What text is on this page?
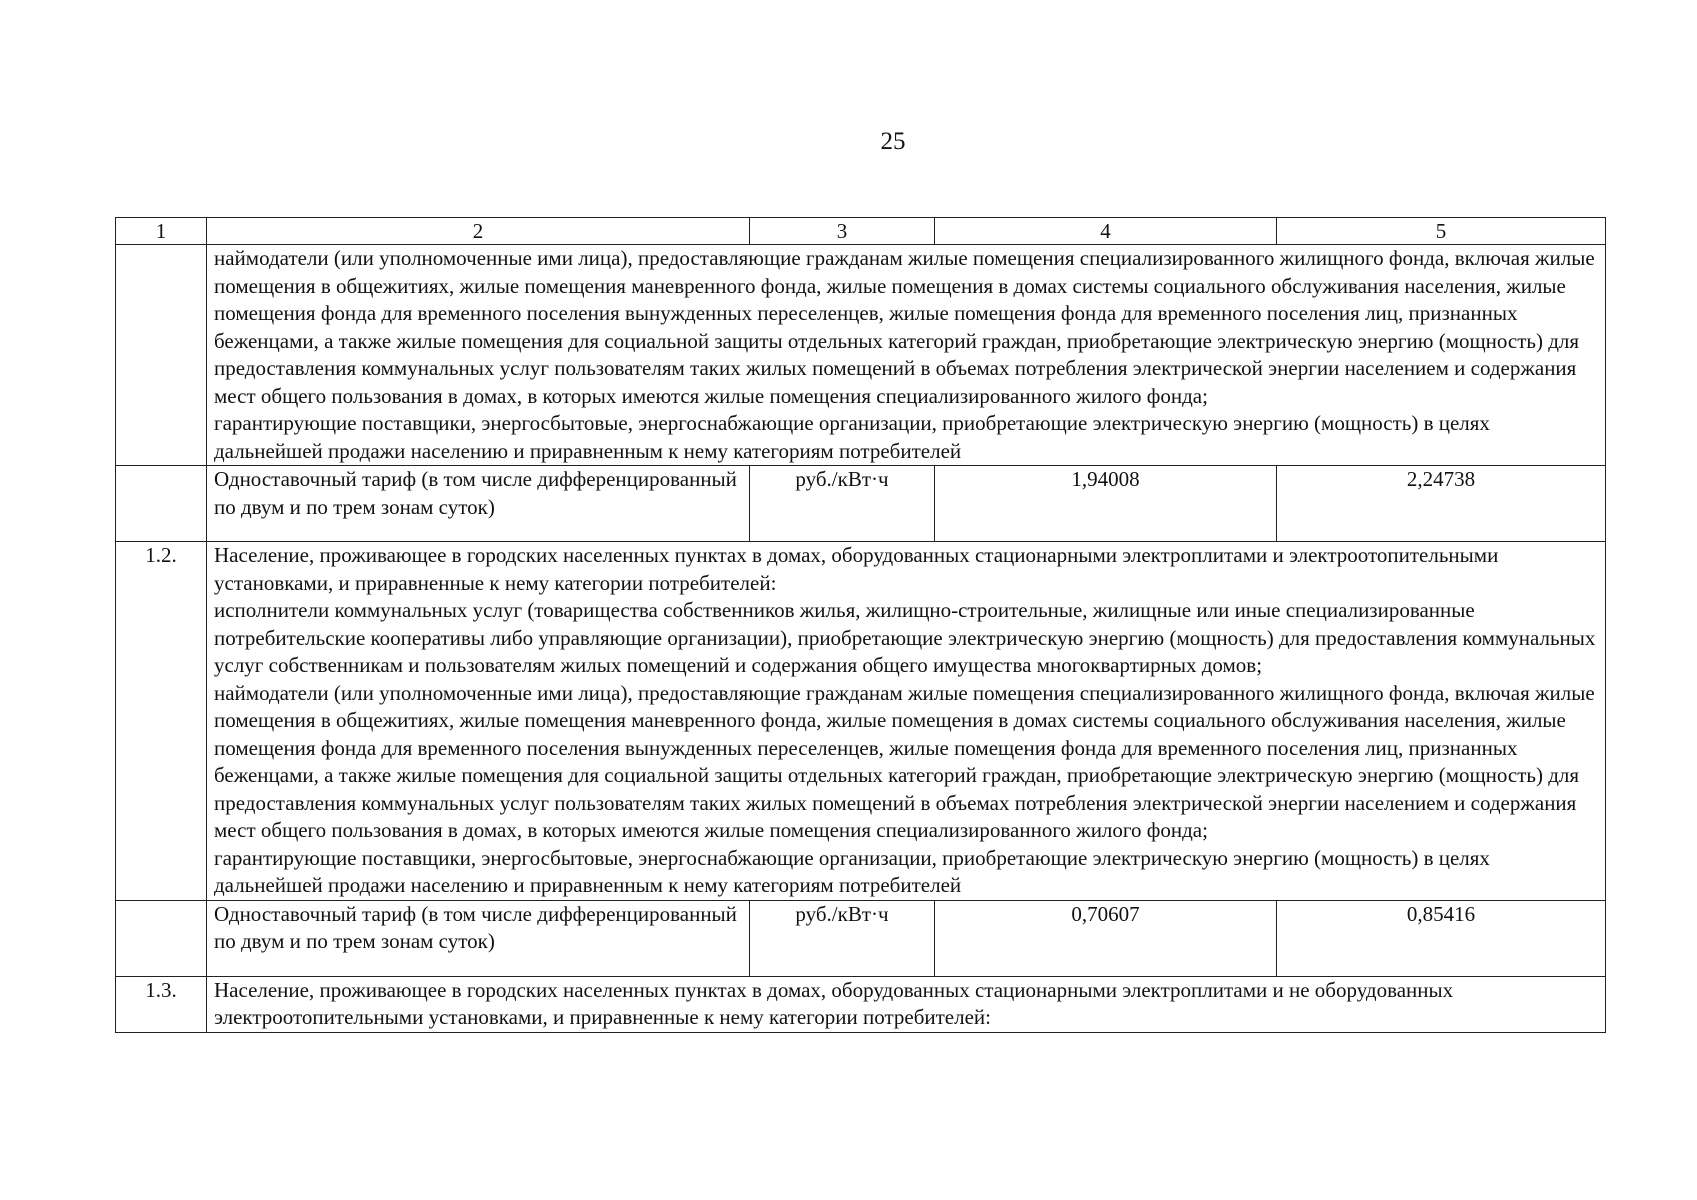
25
1	2	3	4	5

	наймодатели (или уполномоченные ими лица), предоставляющие гражданам жилые помещения специализированного жилищного фонда, включая жилые помещения в общежитиях, жилые помещения маневренного фонда, жилые помещения в домах системы социального обслуживания населения, жилые помещения фонда для временного поселения вынужденных переселенцев, жилые помещения фонда для временного поселения лиц, признанных беженцами, а также жилые помещения для социальной защиты отдельных категорий граждан, приобретающие электрическую энергию (мощность) для предоставления коммунальных услуг пользователям таких жилых помещений в объемах потребления электрической энергии населением и содержания мест общего пользования в домах, в которых имеются жилые помещения специализированного жилого фонда;
гарантирующие поставщики, энергосбытовые, энергоснабжающие организации, приобретающие электрическую энергию (мощность) в целях дальнейшей продажи населению и приравненным к нему категориям потребителей			

	Одноставочный тариф (в том числе дифференцированный по двум и по трем зонам суток)	руб./кВт·ч	1,94008	2,24738
1.2.	Население, проживающее в городских населенных пунктах в домах, оборудованных стационарными электроплитами и электроотопительными установками, и приравненные к нему категории потребителей:
исполнители коммунальных услуг (товарищества собственников жилья, жилищно-строительные, жилищные или иные специализированные потребительские кооперативы либо управляющие организации), приобретающие электрическую энергию (мощность) для предоставления коммунальных услуг собственникам и пользователям жилых помещений и содержания общего имущества многоквартирных домов;
наймодатели (или уполномоченные ими лица), предоставляющие гражданам жилые помещения специализированного жилищного фонда, включая жилые помещения в общежитиях, жилые помещения маневренного фонда, жилые помещения в домах системы социального обслуживания населения, жилые помещения фонда для временного поселения вынужденных переселенцев, жилые помещения фонда для временного поселения лиц, признанных беженцами, а также жилые помещения для социальной защиты отдельных категорий граждан, приобретающие электрическую энергию (мощность) для предоставления коммунальных услуг пользователям таких жилых помещений в объемах потребления электрической энергии населением и содержания мест общего пользования в домах, в которых имеются жилые помещения специализированного жилого фонда;
гарантирующие поставщики, энергосбытовые, энергоснабжающие организации, приобретающие электрическую энергию (мощность) в целях дальнейшей продажи населению и приравненным к нему категориям потребителей			

	Одноставочный тариф (в том числе дифференцированный по двум и по трем зонам суток)	руб./кВт·ч	0,70607	0,85416
1.3.	Население, проживающее в городских населенных пунктах в домах, оборудованных стационарными электроплитами и не оборудованных электроотопительными установками, и приравненные к нему категории потребителей:			
